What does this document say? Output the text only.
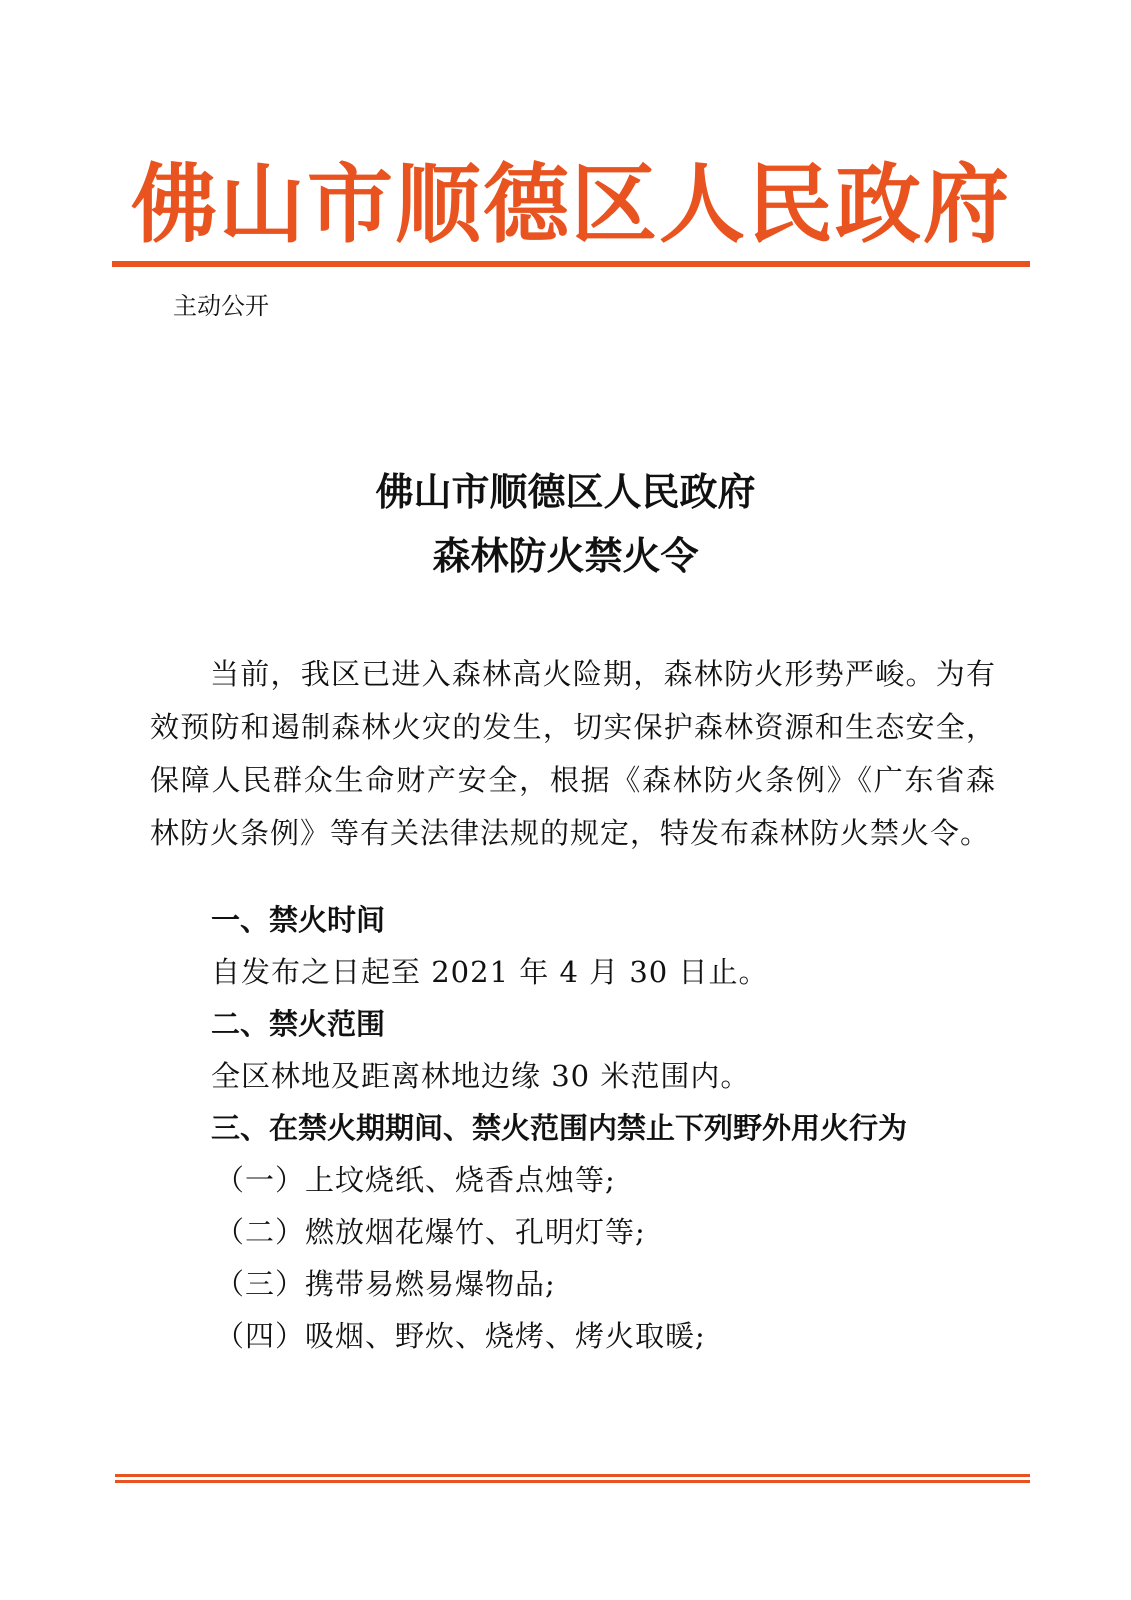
佛山市顺德区人民政府
主动公开
佛山市顺德区人民政府
森林防火禁火令
当前，我区已进入森林高火险期，森林防火形势严峻。为有效预防和遏制森林火灾的发生，切实保护森林资源和生态安全，保障人民群众生命财产安全，根据《森林防火条例》《广东省森林防火条例》等有关法律法规的规定，特发布森林防火禁火令。
一、禁火时间
自发布之日起至 2021 年 4 月 30 日止。
二、禁火范围
全区林地及距离林地边缘 30 米范围内。
三、在禁火期期间、禁火范围内禁止下列野外用火行为
（一）上坟烧纸、烧香点烛等;
（二）燃放烟花爆竹、孔明灯等;
（三）携带易燃易爆物品;
（四）吸烟、野炊、烧烤、烤火取暖;
